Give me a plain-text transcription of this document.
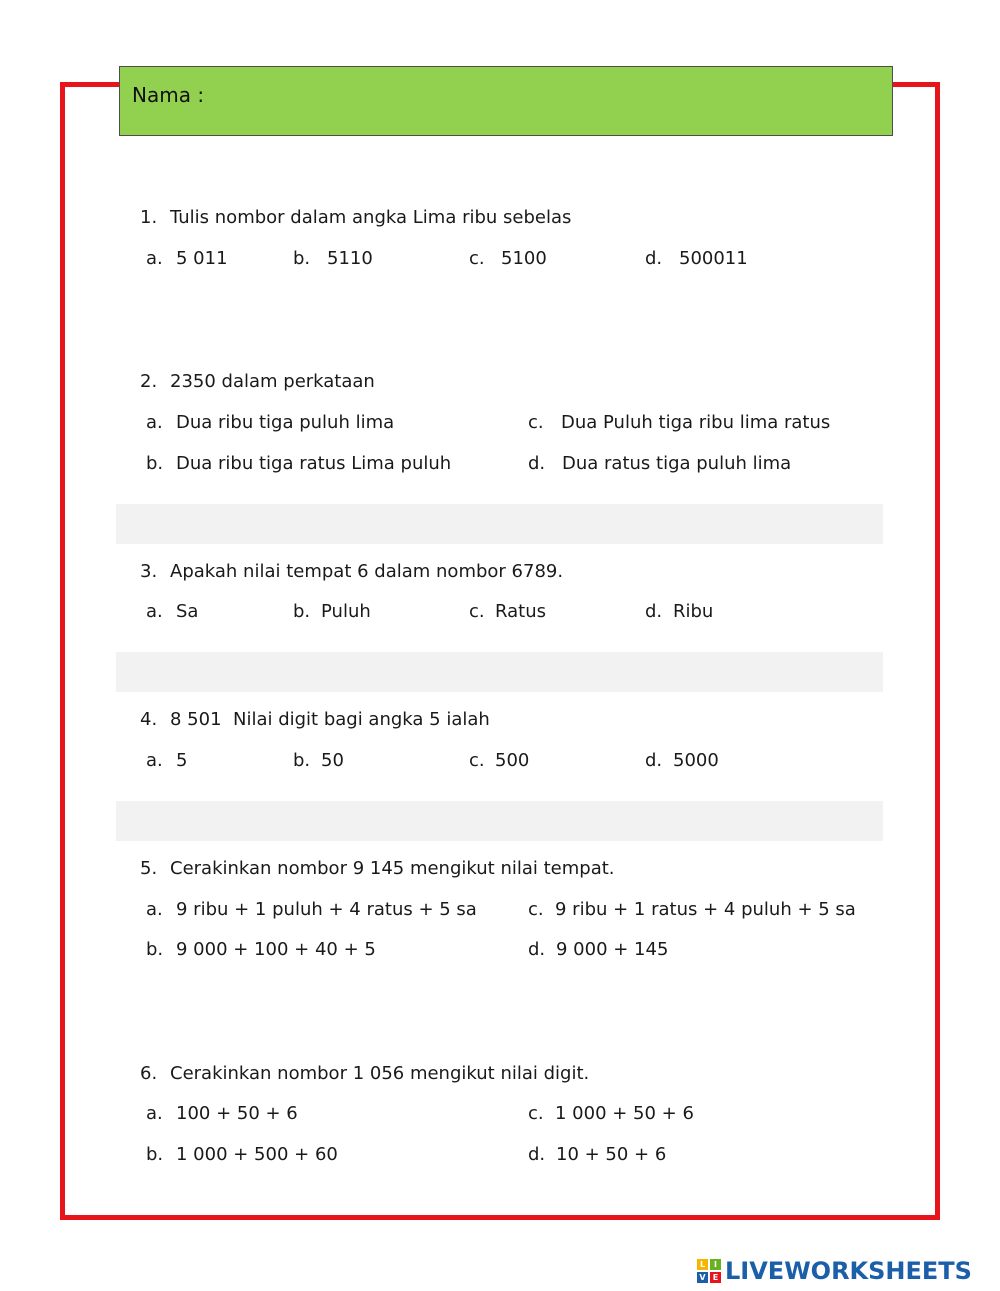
Nama :
1. Tulis nombor dalam angka Lima ribu sebelas
a. 5 011	b. 5110	c. 5100	d. 500011
2. 2350 dalam perkataan
a. Dua ribu tiga puluh lima	c. Dua Puluh tiga ribu lima ratus
b. Dua ribu tiga ratus Lima puluh	d. Dua ratus tiga puluh lima
3. Apakah nilai tempat 6 dalam nombor 6789.
a. Sa	b. Puluh	c. Ratus	d. Ribu
4. 8 501  Nilai digit bagi angka 5 ialah
a. 5	b. 50	c. 500	d. 5000
5. Cerakinkan nombor 9 145 mengikut nilai tempat.
a. 9 ribu + 1 puluh + 4 ratus + 5 sa	c. 9 ribu + 1 ratus + 4 puluh + 5 sa
b. 9 000 + 100 + 40 + 5	d. 9 000 + 145
6. Cerakinkan nombor 1 056 mengikut nilai digit.
a. 100 + 50 + 6	c. 1 000 + 50 + 6
b. 1 000 + 500 + 60	d. 10 + 50 + 6
L	I
V E LIVEWORKSHEETS
